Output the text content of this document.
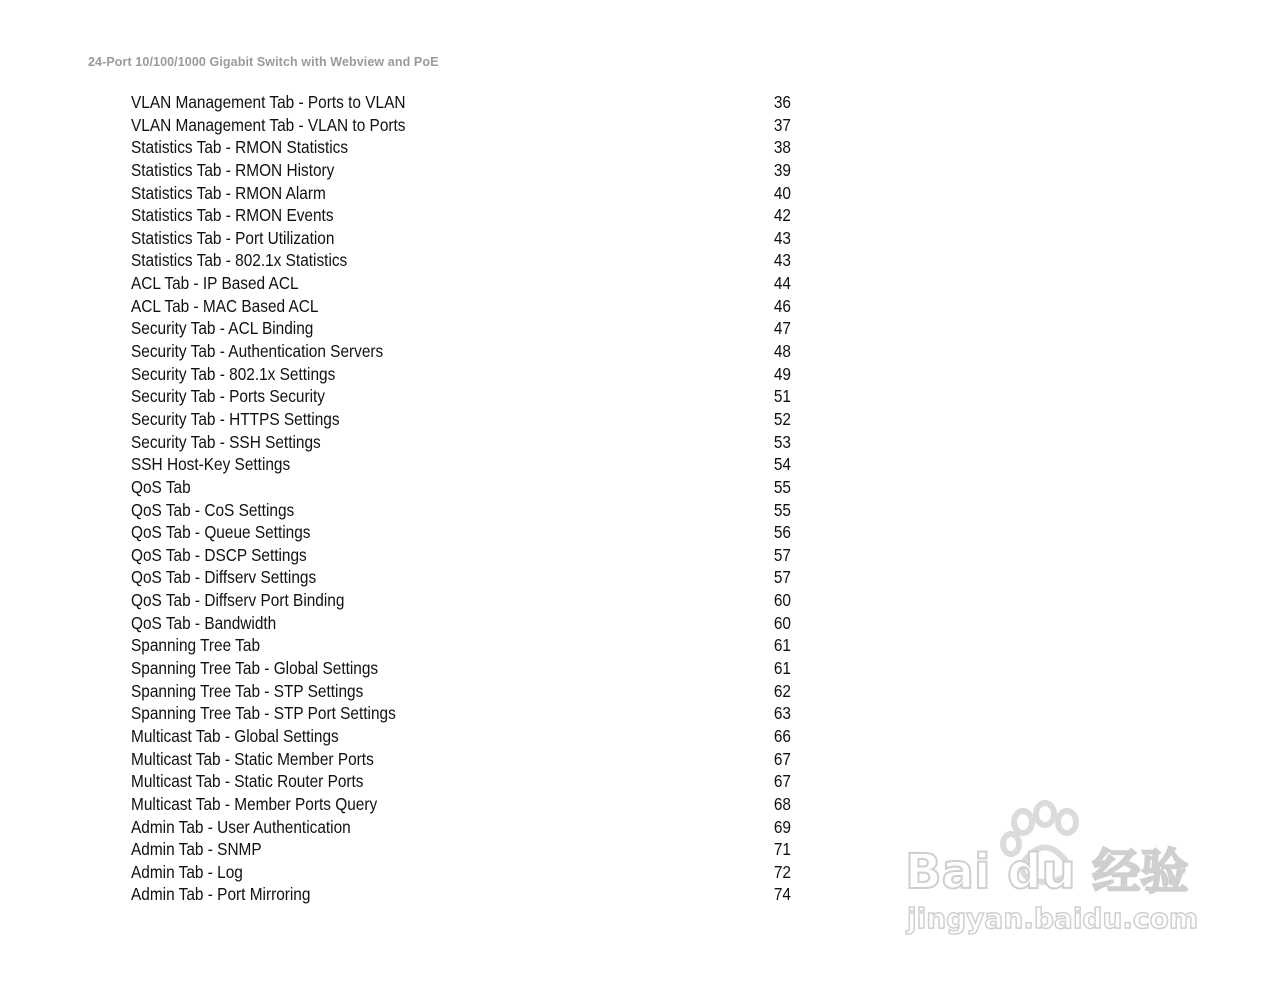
24-Port 10/100/1000 Gigabit Switch with Webview and PoE
VLAN Management Tab - Ports to VLAN	36
VLAN Management Tab - VLAN to Ports	37
Statistics Tab - RMON Statistics	38
Statistics Tab - RMON History	39
Statistics Tab - RMON Alarm	40
Statistics Tab - RMON Events	42
Statistics Tab - Port Utilization	43
Statistics Tab - 802.1x Statistics	43
ACL Tab - IP Based ACL	44
ACL Tab - MAC Based ACL	46
Security Tab - ACL Binding	47
Security Tab - Authentication Servers	48
Security Tab - 802.1x Settings	49
Security Tab - Ports Security	51
Security Tab - HTTPS Settings	52
Security Tab - SSH Settings	53
SSH Host-Key Settings	54
QoS Tab	55
QoS Tab - CoS Settings	55
QoS Tab - Queue Settings	56
QoS Tab - DSCP Settings	57
QoS Tab - Diffserv Settings	57
QoS Tab - Diffserv Port Binding	60
QoS Tab - Bandwidth	60
Spanning Tree Tab	61
Spanning Tree Tab - Global Settings	61
Spanning Tree Tab - STP Settings	62
Spanning Tree Tab - STP Port Settings	63
Multicast Tab - Global Settings	66
Multicast Tab - Static Member Ports	67
Multicast Tab - Static Router Ports	67
Multicast Tab - Member Ports Query	68
Admin Tab - User Authentication	69
Admin Tab - SNMP	71
Admin Tab - Log	72
Admin Tab - Port Mirroring	74 Bai du 经验
jingyan.baidu.com
